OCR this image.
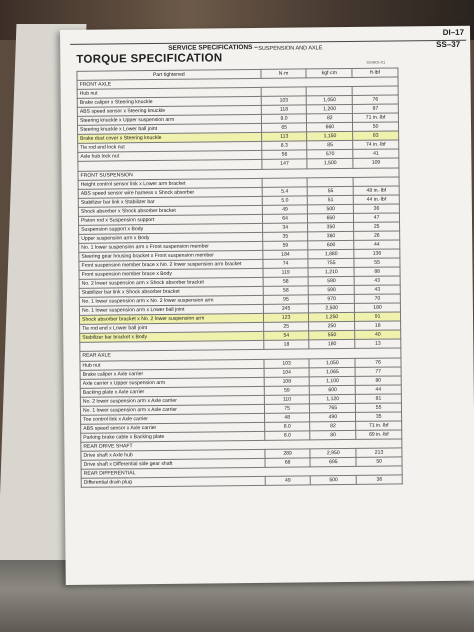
DI–17
SERVICE SPECIFICATIONS – SUSPENSION AND AXLE	SS–37
TORQUE SPECIFICATION	SS0RS-01
Part tightened	N·m	kgf·cm	ft·lbf
FRONT AXLE			
Hub nut			
Brake caliper x Steering knuckle	103	1,050	76
ABS speed sensor x Steering knuckle	118	1,200	87
Steering knuckle x Upper suspension arm	8.0	82	71 in.·lbf
Steering knuckle x Lower ball joint	65	660	50
Brake dust cover x Steering knuckle	113	1,150	83
Tie rod end lock nut	8.3	85	74 in.·lbf
Axle hub lock nut	56	570	41
	147	1,500	109
FRONT SUSPENSION			
Height control sensor link x Lower arm bracket			
ABS speed sensor wire harness x Shock absorber	5.4	55	48 in.·lbf
Stabilizer bar link x Stabilizer bar	5.0	51	44 in.·lbf
Shock absorber x Shock absorber bracket	49	500	36
Piston rod x Suspension support	64	650	47
Suspension support x Body	34	350	25
Upper suspension arm x Body	35	360	26
No. 1 lower suspension arm x Front suspension member	59	600	44
Steering gear housing bracket x Front suspension member	184	1,880	136
Front suspension member brace x No. 2 lower suspension arm bracket	74	755	55
Front suspension member brace x Body	119	1,210	88
No. 2 lower suspension arm x Shock absorber bracket	58	590	43
Stabilizer bar link x Shock absorber bracket	58	590	43
No. 1 lower suspension arm x No. 2 lower suspension arm	95	970	70
No. 1 lower suspension arm x Lower ball joint	245	2,500	180
Shock absorber bracket x No. 2 lower suspension arm	123	1,250	91
Tie rod end x Lower ball joint	25	250	18
Stabilizer bar bracket x Body	54	550	40
	18	180	13
REAR AXLE			
Hub nut	103	1,050	76
Brake caliper x Axle carrier	104	1,065	77
Axle carrier x Upper suspension arm	108	1,100	80
Backing plate x Axle carrier	59	600	44
No. 2 lower suspension arm x Axle carrier	110	1,120	81
No. 1 lower suspension arm x Axle carrier	75	765	55
Toe control link x Axle carrier	48	490	35
ABS speed sensor x Axle carrier	8.0	82	71 in.·lbf
Parking brake cable x Backing plate	8.0	80	69 in.·lbf
REAR DRIVE SHAFT			
Drive shaft x Axle hub	289	2,950	213
Drive shaft x Differential side gear shaft	68	695	50
REAR DIFFERENTIAL			
Differential drain plug	49	500	36
